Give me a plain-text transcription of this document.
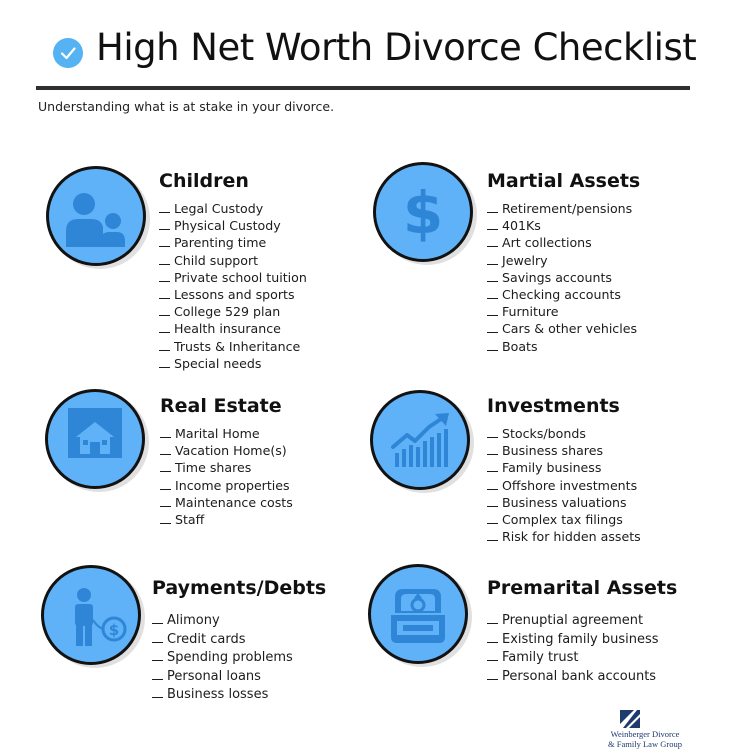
High Net Worth Divorce Checklist

Understanding what is at stake in your divorce.

Children
Legal Custody
Physical Custody
Parenting time
Child support
Private school tuition
Lessons and sports
College 529 plan
Health insurance
Trusts & Inheritance
Special needs
$ Martial Assets
Retirement/pensions
401Ks
Art collections
Jewelry
Savings accounts
Checking accounts
Furniture
Cars & other vehicles
Boats
Real Estate
Marital Home
Vacation Home(s)
Time shares
Income properties
Maintenance costs
Staff
Investments
Stocks/bonds
Business shares
Family business
Offshore investments
Business valuations
Complex tax filings
Risk for hidden assets
$
Payments/Debts
Alimony
Credit cards
Spending problems
Personal loans
Business losses
Premarital Assets
Prenuptial agreement
Existing family business
Family trust
Personal bank accounts
Weinberger Divorce
& Family Law Group
